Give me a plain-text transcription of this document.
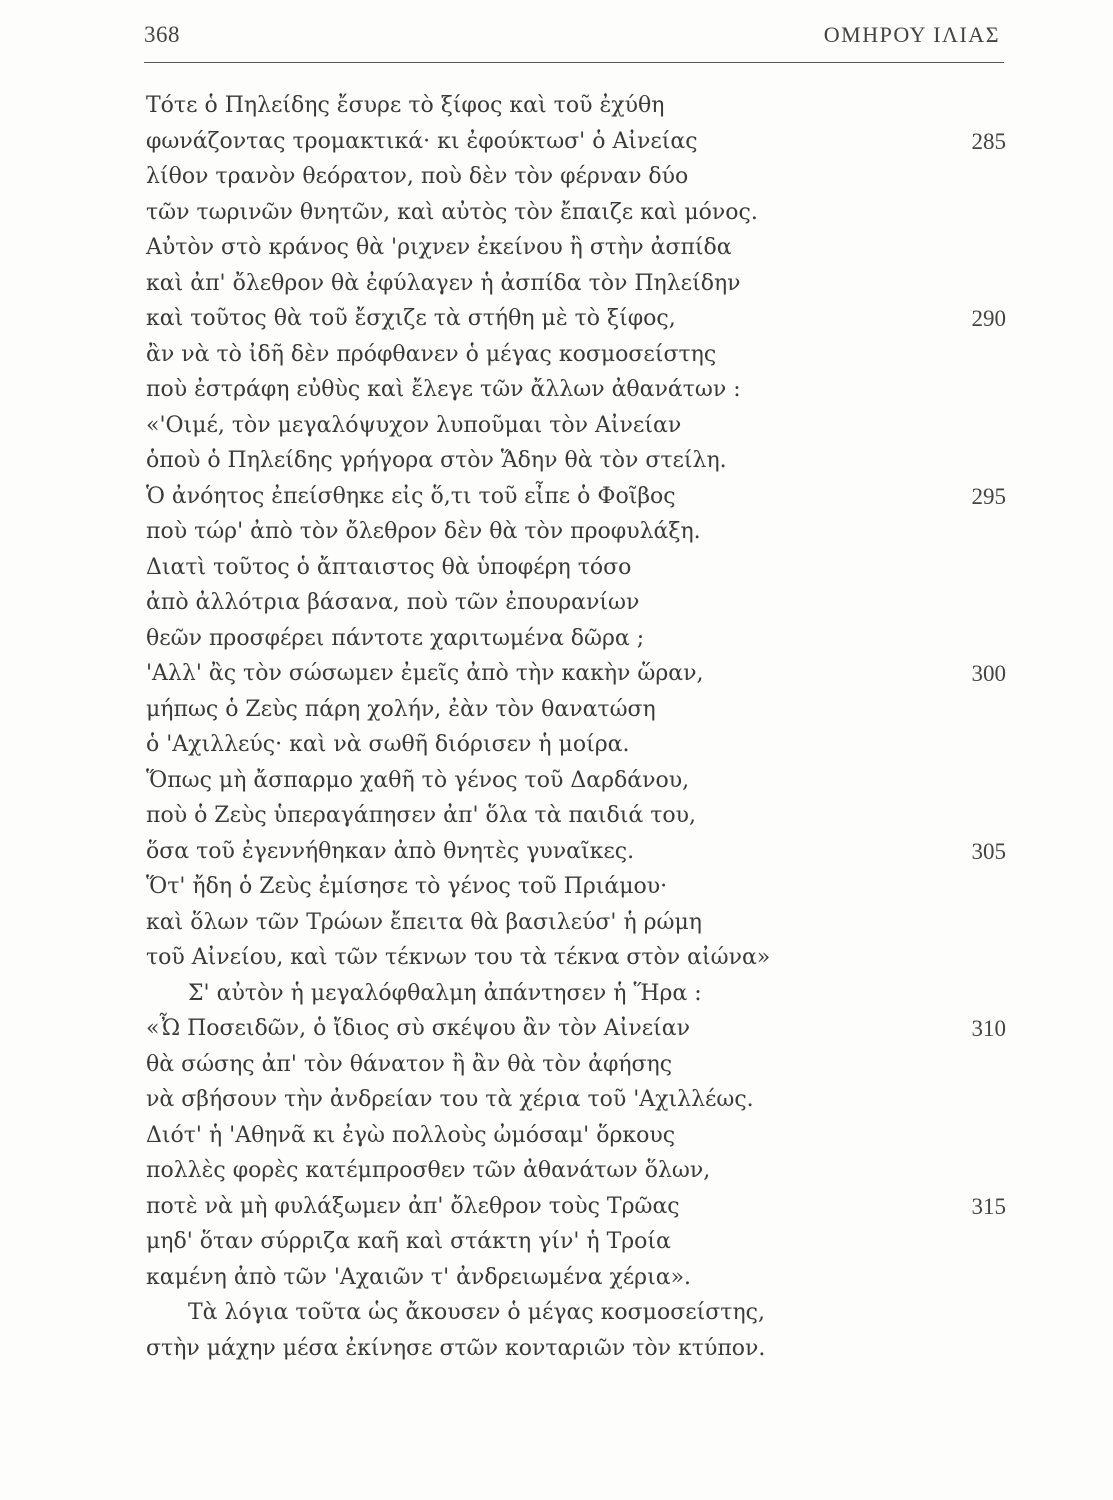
368	ΟΜΗΡΟΥ ΙΛΙΑΣ
Τότε ὁ Πηλείδης ἔσυρε τὸ ξίφος καὶ τοῦ ἐχύθη
φωνάζοντας τρομακτικά· κι ἐφούκτωσ' ὁ Αἰνείας	285
λίθον τρανὸν θεόρατον, ποὺ δὲν τὸν φέρναν δύο
τῶν τωρινῶν θνητῶν, καὶ αὐτὸς τὸν ἔπαιζε καὶ μόνος.
Αὐτὸν στὸ κράνος θὰ 'ριχνεν ἐκείνου ἢ στὴν ἀσπίδα
καὶ ἀπ' ὄλεθρον θὰ ἐφύλαγεν ἡ ἀσπίδα τὸν Πηλείδην
καὶ τοῦτος θὰ τοῦ ἔσχιζε τὰ στήθη μὲ τὸ ξίφος,	290
ἂν νὰ τὸ ἰδῆ δὲν πρόφθανεν ὁ μέγας κοσμοσείστης
ποὺ ἐστράφη εὐθὺς καὶ ἔλεγε τῶν ἄλλων ἀθανάτων :
«'Οιμέ, τὸν μεγαλόψυχον λυποῦμαι τὸν Αἰνείαν
ὁποὺ ὁ Πηλείδης γρήγορα στὸν Ἅδην θὰ τὸν στείλη.
Ὁ ἀνόητος ἐπείσθηκε εἰς ὅ,τι τοῦ εἶπε ὁ Φοῖβος	295
ποὺ τώρ' ἀπὸ τὸν ὄλεθρον δὲν θὰ τὸν προφυλάξη.
Διατὶ τοῦτος ὁ ἄπταιστος θὰ ὑποφέρη τόσο
ἀπὸ ἀλλότρια βάσανα, ποὺ τῶν ἐπουρανίων
θεῶν προσφέρει πάντοτε χαριτωμένα δῶρα ;
'Αλλ' ἂς τὸν σώσωμεν ἐμεῖς ἀπὸ τὴν κακὴν ὥραν,	300
μήπως ὁ Ζεὺς πάρη χολήν, ἐὰν τὸν θανατώση
ὁ 'Αχιλλεύς· καὶ νὰ σωθῆ διόρισεν ἡ μοίρα.
Ὅπως μὴ ἄσπαρμο χαθῆ τὸ γένος τοῦ Δαρδάνου,
ποὺ ὁ Ζεὺς ὑπεραγάπησεν ἀπ' ὅλα τὰ παιδιά του,
ὅσα τοῦ ἐγεννήθηκαν ἀπὸ θνητὲς γυναῖκες.	305
Ὅτ' ἤδη ὁ Ζεὺς ἐμίσησε τὸ γένος τοῦ Πριάμου·
καὶ ὅλων τῶν Τρώων ἔπειτα θὰ βασιλεύσ' ἡ ρώμη
τοῦ Αἰνείου, καὶ τῶν τέκνων του τὰ τέκνα στὸν αἰώνα»
Σ' αὐτὸν ἡ μεγαλόφθαλμη ἀπάντησεν ἡ Ἥρα :
«Ὦ Ποσειδῶν, ὁ ἴδιος σὺ σκέψου ἂν τὸν Αἰνείαν	310
θὰ σώσης ἀπ' τὸν θάνατον ἢ ἂν θὰ τὸν ἀφήσης
νὰ σβήσουν τὴν ἀνδρείαν του τὰ χέρια τοῦ 'Αχιλλέως.
Διότ' ἡ 'Αθηνᾶ κι ἐγὼ πολλοὺς ὠμόσαμ' ὅρκους
πολλὲς φορὲς κατέμπροσθεν τῶν ἀθανάτων ὅλων,
ποτὲ νὰ μὴ φυλάξωμεν ἀπ' ὄλεθρον τοὺς Τρῶας	315
μηδ' ὅταν σύρριζα καῆ καὶ στάκτη γίν' ἡ Τροία
καμένη ἀπὸ τῶν 'Αχαιῶν τ' ἀνδρειωμένα χέρια».
Τὰ λόγια τοῦτα ὡς ἄκουσεν ὁ μέγας κοσμοσείστης,
στὴν μάχην μέσα ἐκίνησε στῶν κονταριῶν τὸν κτύπον.
